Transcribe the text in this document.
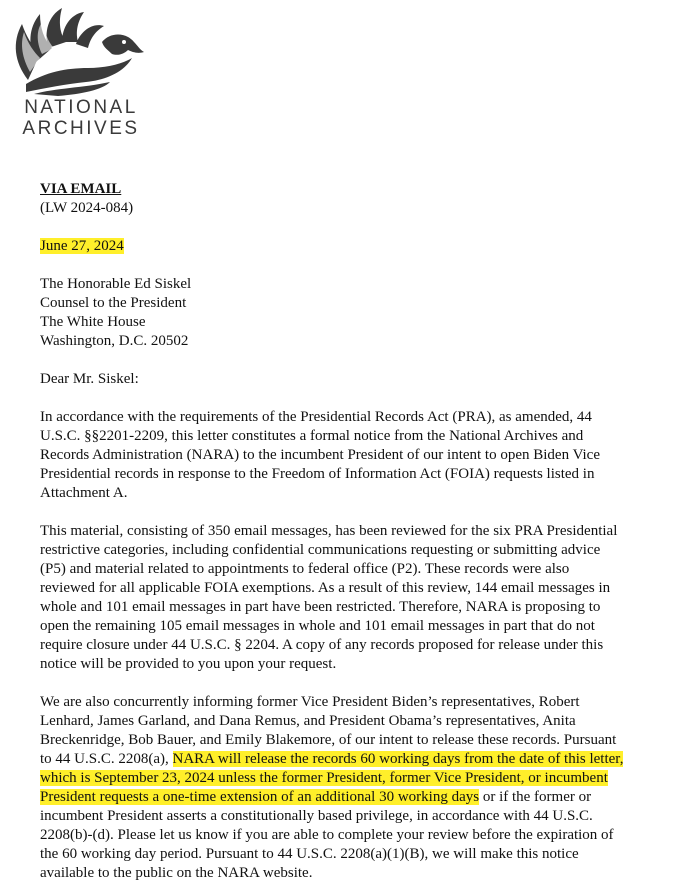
NATIONAL
ARCHIVES
VIA EMAIL
(LW 2024-084)
June 27, 2024
The Honorable Ed Siskel
Counsel to the President
The White House
Washington, D.C. 20502

Dear Mr. Siskel:

In accordance with the requirements of the Presidential Records Act (PRA), as amended, 44
U.S.C. §§2201-2209, this letter constitutes a formal notice from the National Archives and
Records Administration (NARA) to the incumbent President of our intent to open Biden Vice
Presidential records in response to the Freedom of Information Act (FOIA) requests listed in
Attachment A.
This material, consisting of 350 email messages, has been reviewed for the six PRA Presidential
restrictive categories, including confidential communications requesting or submitting advice
(P5) and material related to appointments to federal office (P2). These records were also
reviewed for all applicable FOIA exemptions. As a result of this review, 144 email messages in
whole and 101 email messages in part have been restricted. Therefore, NARA is proposing to
open the remaining 105 email messages in whole and 101 email messages in part that do not
require closure under 44 U.S.C. § 2204. A copy of any records proposed for release under this
notice will be provided to you upon your request.
We are also concurrently informing former Vice President Biden’s representatives, Robert
Lenhard, James Garland, and Dana Remus, and President Obama’s representatives, Anita
Breckenridge, Bob Bauer, and Emily Blakemore, of our intent to release these records. Pursuant
to 44 U.S.C. 2208(a), NARA will release the records 60 working days from the date of this letter,
which is September 23, 2024 unless the former President, former Vice President, or incumbent
President requests a one-time extension of an additional 30 working days or if the former or
incumbent President asserts a constitutionally based privilege, in accordance with 44 U.S.C.
2208(b)-(d). Please let us know if you are able to complete your review before the expiration of
the 60 working day period. Pursuant to 44 U.S.C. 2208(a)(1)(B), we will make this notice
available to the public on the NARA website.
